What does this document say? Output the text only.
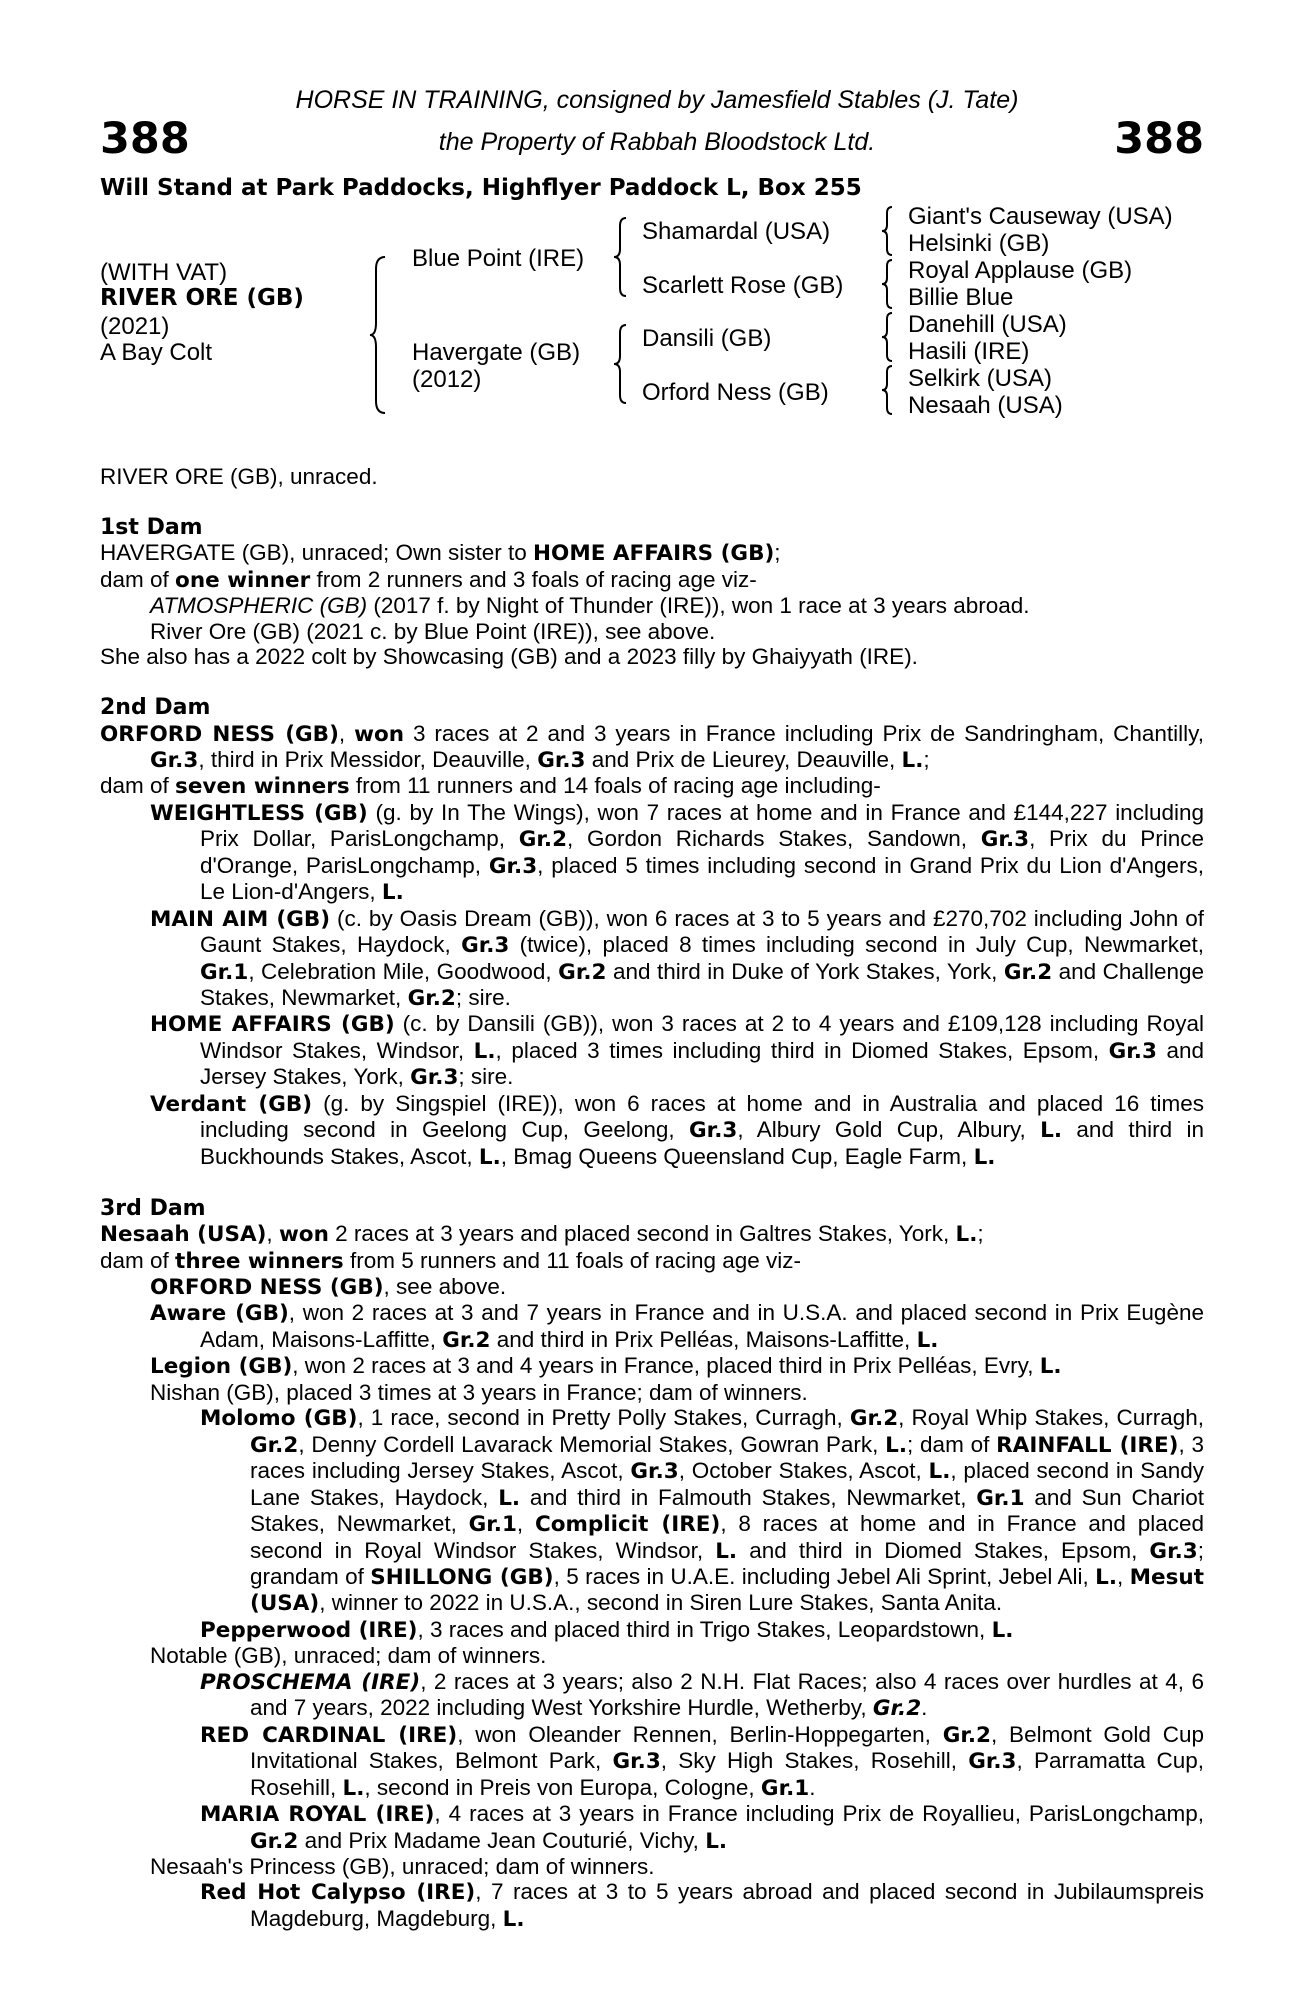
388	388
HORSE IN TRAINING, consigned by Jamesfield Stables (J. Tate)
the Property of Rabbah Bloodstock Ltd.
Will Stand at Park Paddocks, Highflyer Paddock L, Box 255
(WITH VAT)
RIVER ORE (GB)
(2021)
A Bay Colt
Blue Point (IRE)
Havergate (GB)
(2012)
Shamardal (USA)
Scarlett Rose (GB)
Dansili (GB)
Orford Ness (GB)
Giant's Causeway (USA)
Helsinki (GB)
Royal Applause (GB)
Billie Blue
Danehill (USA)
Hasili (IRE)
Selkirk (USA)
Nesaah (USA)

RIVER ORE (GB), unraced.

1st Dam

HAVERGATE (GB), unraced; Own sister to HOME AFFAIRS (GB);

dam of one winner from 2 runners and 3 foals of racing age viz-

ATMOSPHERIC (GB) (2017 f. by Night of Thunder (IRE)), won 1 race at 3 years abroad.

River Ore (GB) (2021 c. by Blue Point (IRE)), see above.

She also has a 2022 colt by Showcasing (GB) and a 2023 filly by Ghaiyyath (IRE).

2nd Dam

ORFORD NESS (GB), won 3 races at 2 and 3 years in France including Prix de Sandringham, Chantilly, Gr.3, third in Prix Messidor, Deauville, Gr.3 and Prix de Lieurey, Deauville, L.;

dam of seven winners from 11 runners and 14 foals of racing age including-

WEIGHTLESS (GB) (g. by In The Wings), won 7 races at home and in France and £144,227 including Prix Dollar, ParisLongchamp, Gr.2, Gordon Richards Stakes, Sandown, Gr.3, Prix du Prince d'Orange, ParisLongchamp, Gr.3, placed 5 times including second in Grand Prix du Lion d'Angers, Le Lion-d'Angers, L.

MAIN AIM (GB) (c. by Oasis Dream (GB)), won 6 races at 3 to 5 years and £270,702 including John of Gaunt Stakes, Haydock, Gr.3 (twice), placed 8 times including second in July Cup, Newmarket, Gr.1, Celebration Mile, Goodwood, Gr.2 and third in Duke of York Stakes, York, Gr.2 and Challenge Stakes, Newmarket, Gr.2; sire.

HOME AFFAIRS (GB) (c. by Dansili (GB)), won 3 races at 2 to 4 years and £109,128 including Royal Windsor Stakes, Windsor, L., placed 3 times including third in Diomed Stakes, Epsom, Gr.3 and Jersey Stakes, York, Gr.3; sire.

Verdant (GB) (g. by Singspiel (IRE)), won 6 races at home and in Australia and placed 16 times including second in Geelong Cup, Geelong, Gr.3, Albury Gold Cup, Albury, L. and third in Buckhounds Stakes, Ascot, L., Bmag Queens Queensland Cup, Eagle Farm, L.

3rd Dam

Nesaah (USA), won 2 races at 3 years and placed second in Galtres Stakes, York, L.;

dam of three winners from 5 runners and 11 foals of racing age viz-

ORFORD NESS (GB), see above.

Aware (GB), won 2 races at 3 and 7 years in France and in U.S.A. and placed second in Prix Eugène Adam, Maisons-Laffitte, Gr.2 and third in Prix Pelléas, Maisons-Laffitte, L.

Legion (GB), won 2 races at 3 and 4 years in France, placed third in Prix Pelléas, Evry, L.

Nishan (GB), placed 3 times at 3 years in France; dam of winners.

Molomo (GB), 1 race, second in Pretty Polly Stakes, Curragh, Gr.2, Royal Whip Stakes, Curragh, Gr.2, Denny Cordell Lavarack Memorial Stakes, Gowran Park, L.; dam of RAINFALL (IRE), 3 races including Jersey Stakes, Ascot, Gr.3, October Stakes, Ascot, L., placed second in Sandy Lane Stakes, Haydock, L. and third in Falmouth Stakes, Newmarket, Gr.1 and Sun Chariot Stakes, Newmarket, Gr.1, Complicit (IRE), 8 races at home and in France and placed second in Royal Windsor Stakes, Windsor, L. and third in Diomed Stakes, Epsom, Gr.3; grandam of SHILLONG (GB), 5 races in U.A.E. including Jebel Ali Sprint, Jebel Ali, L., Mesut (USA), winner to 2022 in U.S.A., second in Siren Lure Stakes, Santa Anita.

Pepperwood (IRE), 3 races and placed third in Trigo Stakes, Leopardstown, L.

Notable (GB), unraced; dam of winners.

PROSCHEMA (IRE), 2 races at 3 years; also 2 N.H. Flat Races; also 4 races over hurdles at 4, 6 and 7 years, 2022 including West Yorkshire Hurdle, Wetherby, Gr.2.

RED CARDINAL (IRE), won Oleander Rennen, Berlin-Hoppegarten, Gr.2, Belmont Gold Cup Invitational Stakes, Belmont Park, Gr.3, Sky High Stakes, Rosehill, Gr.3, Parramatta Cup, Rosehill, L., second in Preis von Europa, Cologne, Gr.1.

MARIA ROYAL (IRE), 4 races at 3 years in France including Prix de Royallieu, ParisLongchamp, Gr.2 and Prix Madame Jean Couturié, Vichy, L.

Nesaah's Princess (GB), unraced; dam of winners.

Red Hot Calypso (IRE), 7 races at 3 to 5 years abroad and placed second in Jubilaumspreis Magdeburg, Magdeburg, L.
